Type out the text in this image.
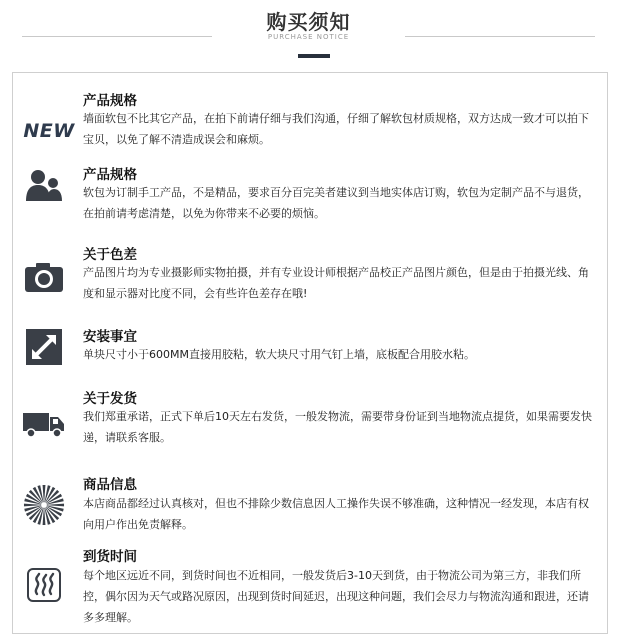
购买须知
PURCHASE NOTICE
NEW
产品规格
墙面软包不比其它产品，在拍下前请仔细与我们沟通，仔细了解软包材质规格，双方达成一致才可以拍下宝贝，以免了解不清造成误会和麻烦。
产品规格
软包为订制手工产品，不是精品，要求百分百完美者建议到当地实体店订购，软包为定制产品不与退货，在拍前请考虑清楚，以免为你带来不必要的烦恼。
关于色差
产品图片均为专业摄影师实物拍摄，并有专业设计师根据产品校正产品图片颜色，但是由于拍摄光线、角度和显示器对比度不同，会有些许色差存在哦!
安装事宜
单块尺寸小于600MM直接用胶粘，软大块尺寸用气钉上墙，底板配合用胶水粘。
关于发货
我们郑重承诺，正式下单后10天左右发货，一般发物流，需要带身份证到当地物流点提货，如果需要发快递，请联系客服。
商品信息
本店商品都经过认真核对，但也不排除少数信息因人工操作失误不够准确，这种情况一经发现，本店有权向用户作出免责解释。
到货时间
每个地区远近不同，到货时间也不近相同，一般发货后3-10天到货，由于物流公司为第三方，非我们所控，偶尔因为天气或路况原因，出现到货时间延迟，出现这种问题，我们会尽力与物流沟通和跟进，还请多多理解。
